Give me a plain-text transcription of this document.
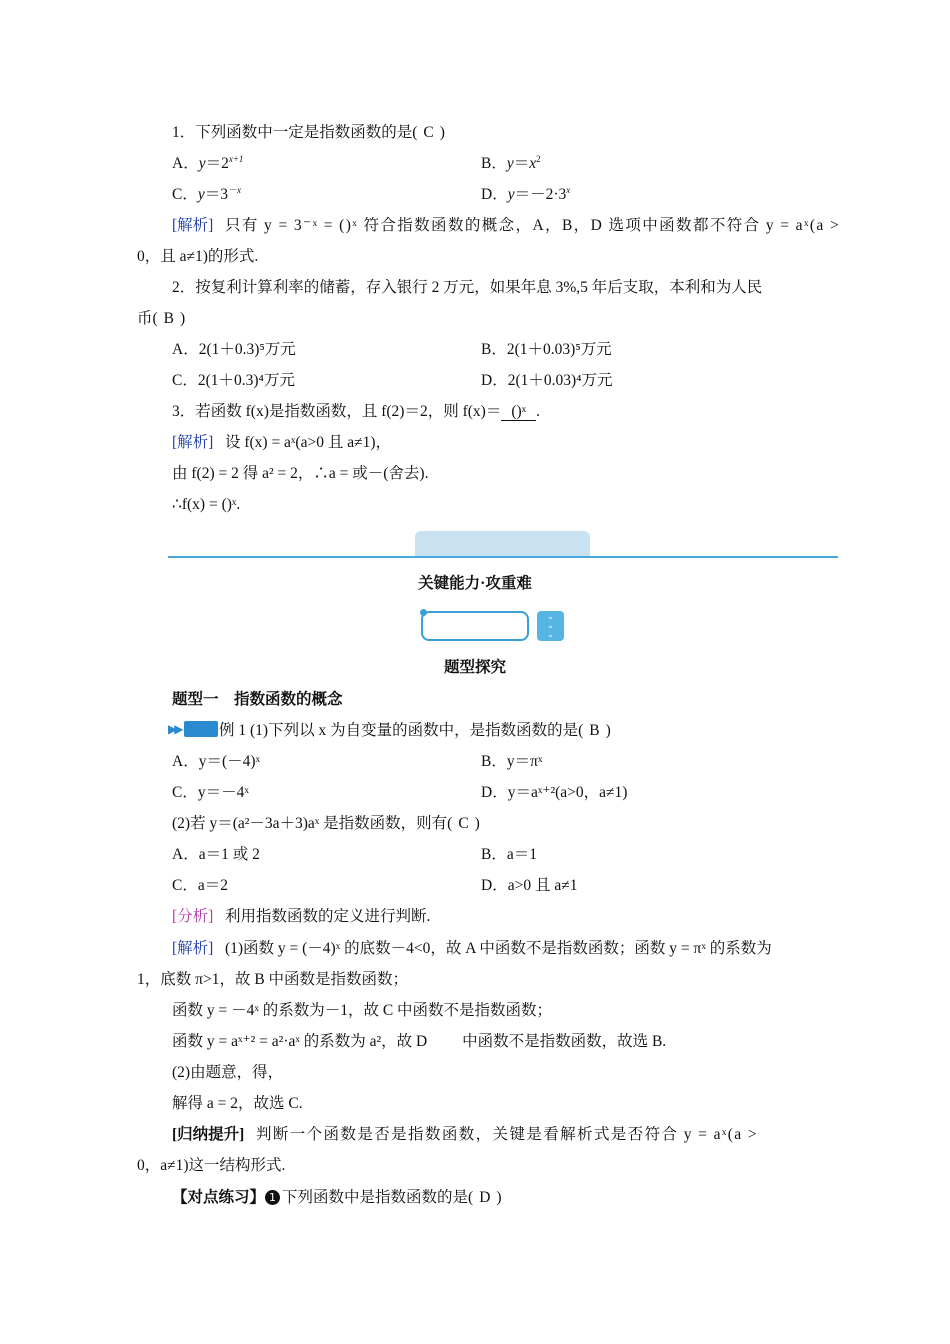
1．下列函数中一定是指数函数的是( C )
A．$y=2^{x+1}$	B．$y=x^2$
C．$y=3^{-x}$	D．$y=-2\cdot 3^x$
[解析] 只有 y = 3⁻ˣ = ()ˣ 符合指数函数的概念，A，B，D 选项中函数都不符合 y = aˣ(a >
0，且 a≠1)的形式.
2．按复利计算利率的储蓄，存入银行 2 万元，如果年息 3%,5 年后支取，本利和为人民
币( B )
A．2(1＋0.3)⁵万元	B．2(1＋0.03)⁵万元
C．2(1＋0.3)⁴万元	D．2(1＋0.03)⁴万元
3．若函数 f(x)是指数函数，且 f(2)＝2，则 f(x)＝ ()ˣ .
[解析] 设 f(x) = aˣ(a>0 且 a≠1)，
由 f(2) = 2 得 a² = 2，∴a = 或－(舍去).
∴f(x) = ()ˣ.
关键能力·攻重难
⌄
⌄
⌄
题型探究
题型一　指数函数的概念
▶▶ 例 1 (1)下列以 x 为自变量的函数中，是指数函数的是( B )
A．y＝(－4)ˣ	B．y＝πˣ
C．y＝－4ˣ	D．y＝aˣ⁺²(a>0，a≠1)
(2)若 y＝(a²－3a＋3)aˣ 是指数函数，则有( C )
A．a＝1 或 2	B．a＝1
C．a＝2	D．a>0 且 a≠1
[分析] 利用指数函数的定义进行判断.
[解析] (1)函数 y = (－4)ˣ 的底数－4<0，故 A 中函数不是指数函数；函数 y = πˣ 的系数为
1，底数 π>1，故 B 中函数是指数函数；
函数 y = －4ˣ 的系数为－1，故 C 中函数不是指数函数；
函数 y = aˣ⁺² = a²·aˣ 的系数为 a²，故 D　　 中函数不是指数函数，故选 B.
(2)由题意，得，
解得 a = 2，故选 C.
[归纳提升] 判断一个函数是否是指数函数，关键是看解析式是否符合 y = aˣ(a >
0，a≠1)这一结构形式.
【对点练习】 1 下列函数中是指数函数的是( D )
